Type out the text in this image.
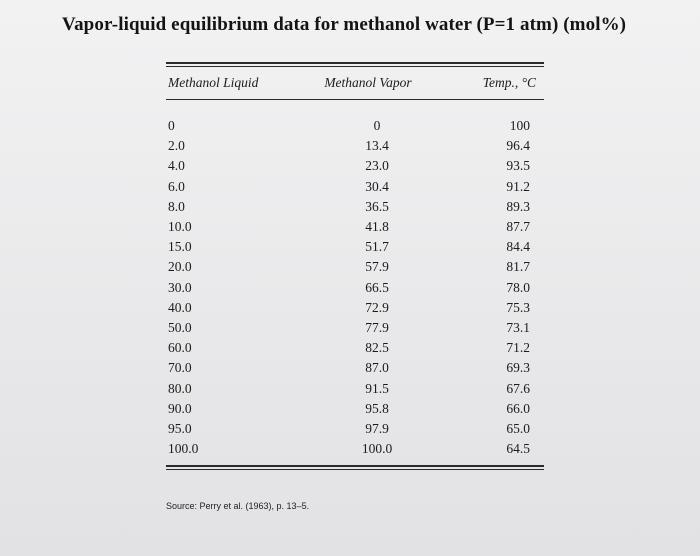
Vapor-liquid equilibrium data for methanol water (P=1 atm) (mol%)
Methanol Liquid	Methanol Vapor	Temp., °C
0	0	100
2.0	13.4	96.4
4.0	23.0	93.5
6.0	30.4	91.2
8.0	36.5	89.3
10.0	41.8	87.7
15.0	51.7	84.4
20.0	57.9	81.7
30.0	66.5	78.0
40.0	72.9	75.3
50.0	77.9	73.1
60.0	82.5	71.2
70.0	87.0	69.3
80.0	91.5	67.6
90.0	95.8	66.0
95.0	97.9	65.0
100.0	100.0	64.5
Source: Perry et al. (1963), p. 13–5.
